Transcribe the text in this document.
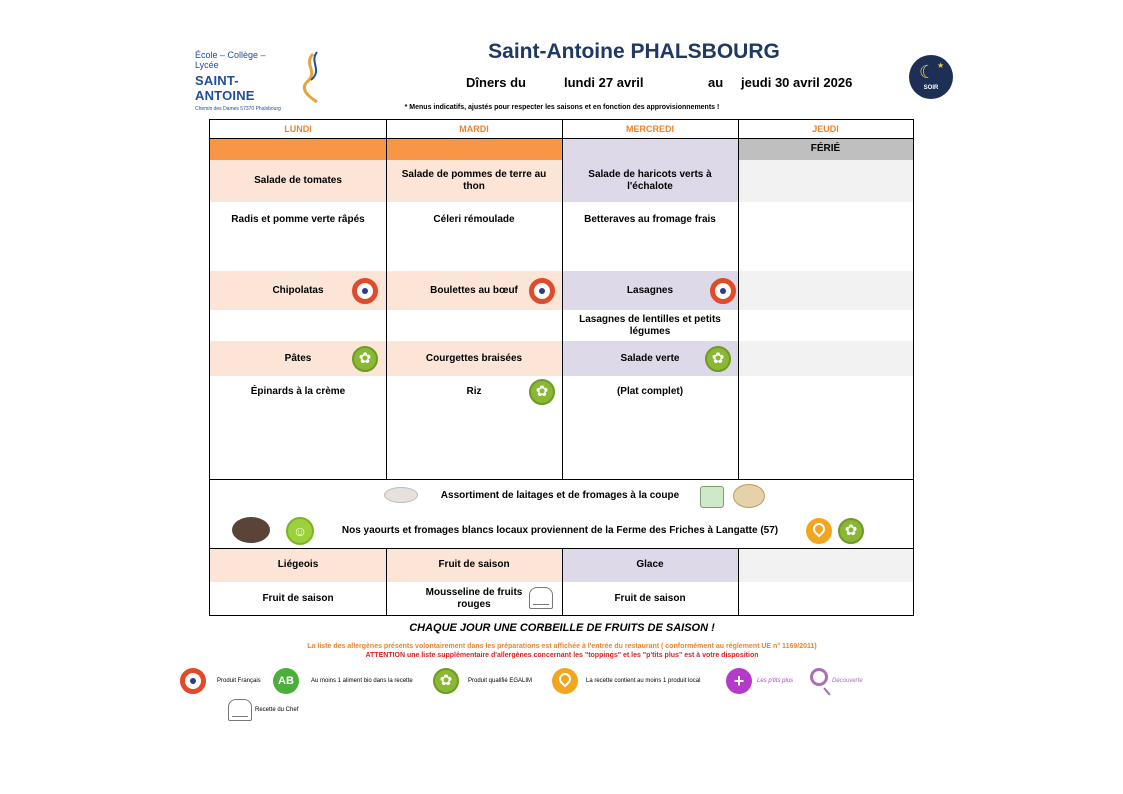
École – Collège – Lycée
SAINT-ANTOINE
Chemin des Dames 57370 Phalsbourg
Saint-Antoine PHALSBOURG
Dîners du	lundi 27 avril	au jeudi 30 avril 2026
* Menus indicatifs, ajustés pour respecter les saisons et en fonction des approvisionnements !
☾ ★
SOIR
LUNDI	MARDI	MERCREDI	JEUDI
FÉRIÉ
Salade de tomates
Salade de pommes de terre au thon
Salade de haricots verts à l'échalote
Radis et pomme verte râpés	Céleri rémoulade	Betteraves au fromage frais
Chipolatas	Boulettes au bœuf	Lasagnes
Lasagnes de lentilles et petits légumes
Pâtes	Courgettes braisées	Salade verte
Épinards à la crème	Riz	(Plat complet)
Assortiment de laitages et de fromages à la coupe
Nos yaourts et fromages blancs locaux proviennent de la Ferme des Friches à Langatte (57)
Liégeois	Fruit de saison	Glace
Fruit de saison
Mousseline de fruits rouges
Fruit de saison
✿
✿
✿
☺
✿
CHAQUE JOUR UNE CORBEILLE DE FRUITS DE SAISON !
La liste des allergènes présents volontairement dans les préparations est affichée à l'entrée du restaurant ( conformément au règlement UE n° 1169/2011)
ATTENTION une liste supplémentaire d'allergènes concernant les "toppings" et les "p'tits plus" est à votre disposition
Produit Français	AB	Au moins 1 aliment bio dans la recette
✿	Produit qualifié EGALIM	La recette contient au moins 1 produit local	+	Les p'tits plus	Découverte
Recette du Chef
